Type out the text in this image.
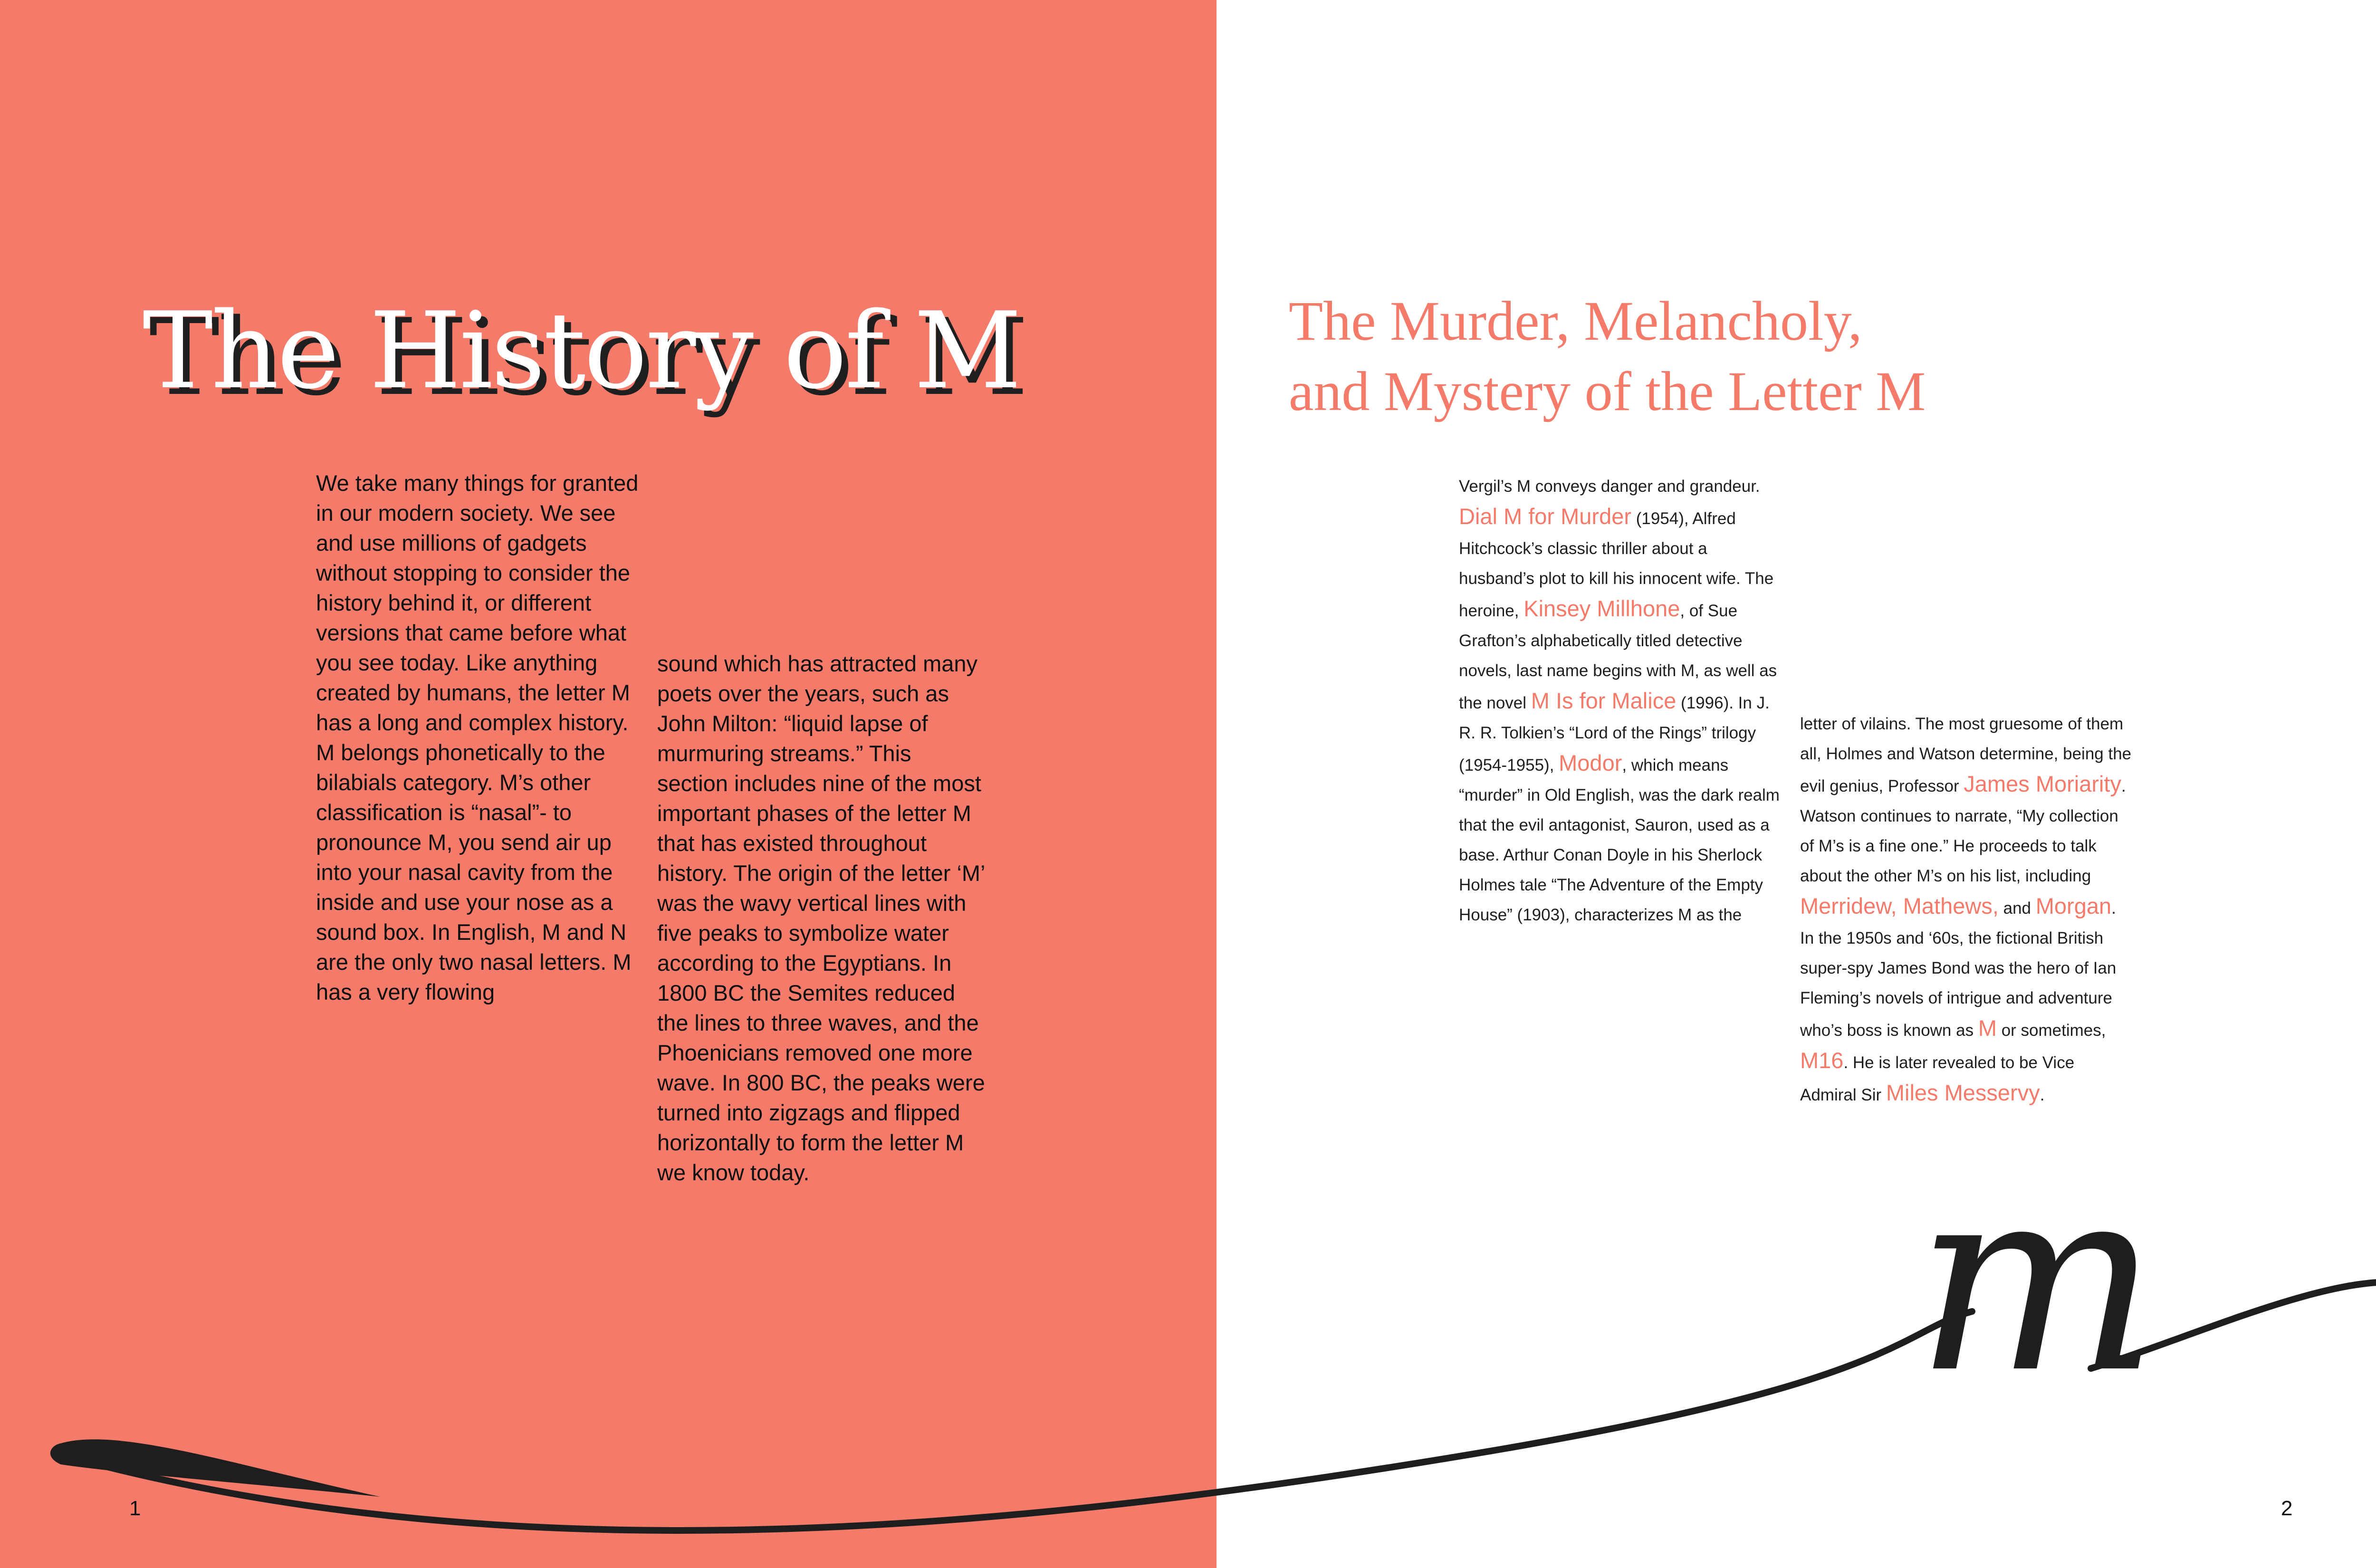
The History of M

We take many things for granted in our modern society. We see and use millions of gadgets without stopping to consider the history behind it, or different versions that came before what you see today. Like anything created by humans, the letter M has a long and complex history. M belongs phonetically to the bilabials category. M’s other classification is “nasal”- to pronounce M, you send air up into your nasal cavity from the inside and use your nose as a sound box. In English, M and N are the only two nasal letters. M has a very flowing

sound which has attracted many poets over the years, such as John Milton: “liquid lapse of murmuring streams.” This section includes nine of the most important phases of the letter M that has existed throughout history. The origin of the letter ‘M’ was the wavy vertical lines with five peaks to symbolize water according to the Egyptians. In 1800 BC the Semites reduced the lines to three waves, and the Phoenicians removed one more wave. In 800 BC, the peaks were turned into zigzags and flipped horizontally to form the letter M we know today.

The Murder, Melancholy,
and Mystery of the Letter M

Vergil’s M conveys danger and grandeur. Dial M for Murder (1954), Alfred Hitchcock’s classic thriller about a husband’s plot to kill his innocent wife. The heroine, Kinsey Millhone, of Sue Grafton’s alphabetically titled detective novels, last name begins with M, as well as the novel M Is for Malice (1996). In J. R. R. Tolkien’s “Lord of the Rings” trilogy (1954-1955), Modor, which means “murder” in Old English, was the dark realm that the evil antagonist, Sauron, used as a base. Arthur Conan Doyle in his Sherlock Holmes tale “The Adventure of the Empty House” (1903), characterizes M as the

letter of vilains. The most gruesome of them all, Holmes and Watson determine, being the evil genius, Professor James Moriarity. Watson continues to narrate, “My collection of M’s is a fine one.” He proceeds to talk about the other M’s on his list, including Merridew, Mathews, and Morgan. In the 1950s and ‘60s, the fictional British super-spy James Bond was the hero of Ian Fleming’s novels of intrigue and adventure who’s boss is known as M or sometimes, M16. He is later revealed to be Vice Admiral Sir Miles Messervy.

m
1	2
